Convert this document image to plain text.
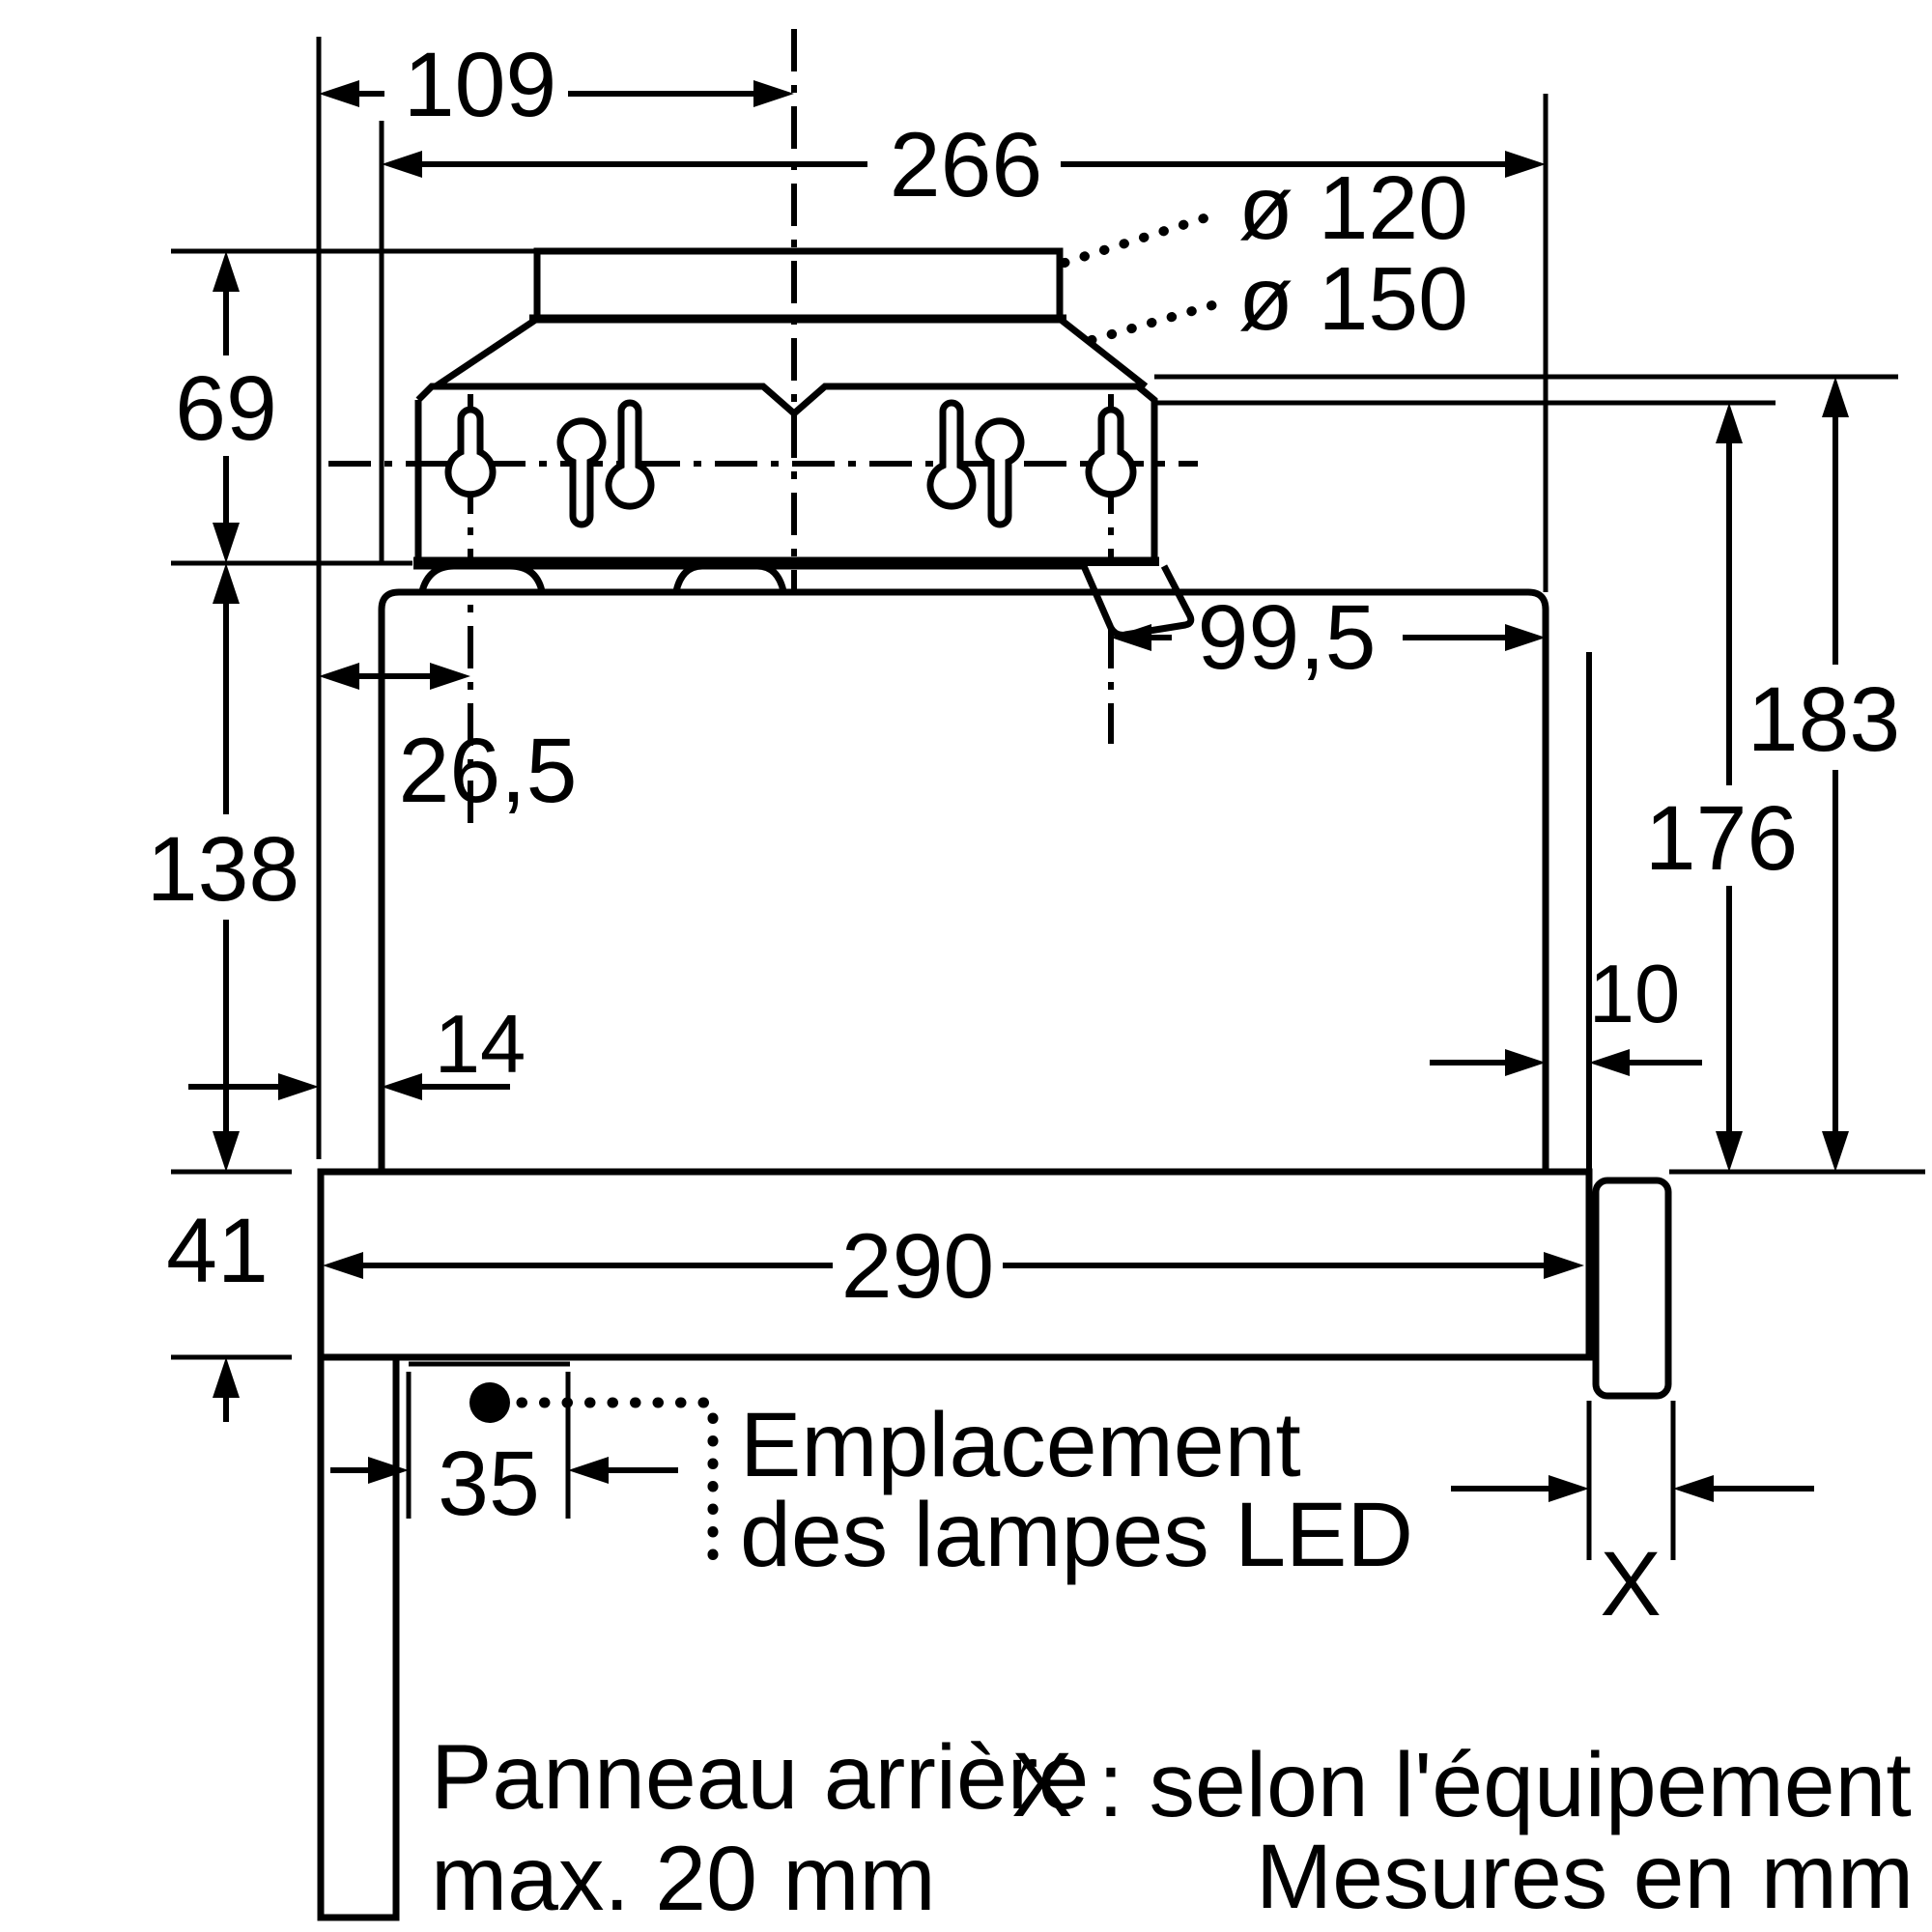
109
266 ø 120
ø 150
69
138
41
26,5
14
99,5
183
176
10
290
35
X
Emplacement
des lampes LED
X : selon l'équipement
Panneau arrière
max. 20 mm	Mesures en mm
